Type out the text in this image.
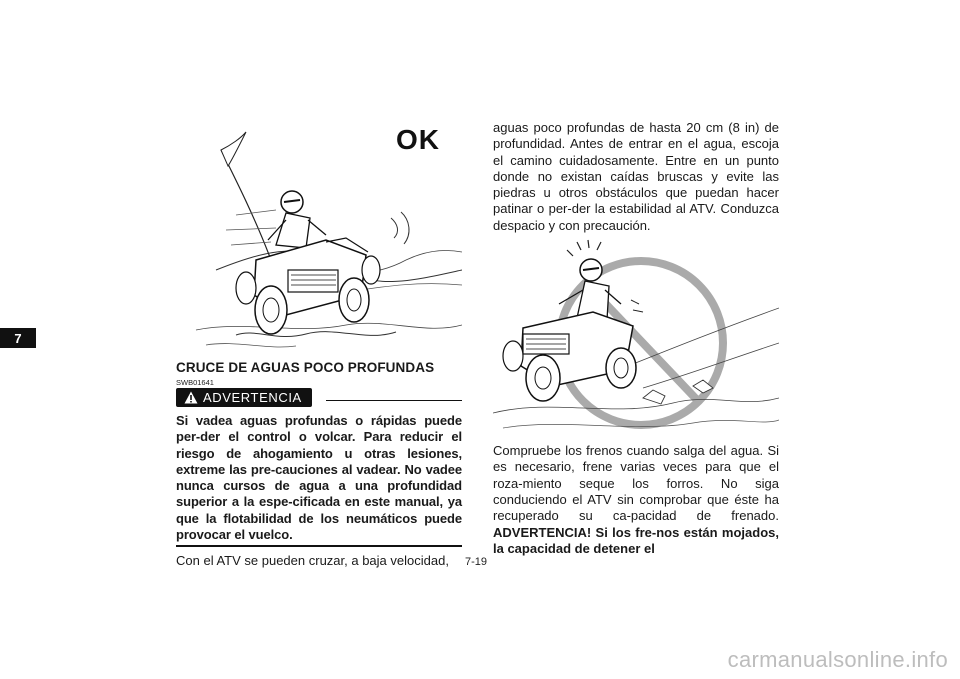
7
OK
CRUCE DE AGUAS POCO PROFUNDAS
SWB01641
ADVERTENCIA
Si vadea aguas profundas o rápidas puede per-der el control o volcar. Para reducir el riesgo de ahogamiento u otras lesiones, extreme las pre-cauciones al vadear. No vadee nunca cursos de agua a una profundidad superior a la espe-cificada en este manual, ya que la flotabilidad de los neumáticos puede provocar el vuelco.
Con el ATV se pueden cruzar, a baja velocidad,
aguas poco profundas de hasta 20 cm (8 in) de profundidad. Antes de entrar en el agua, escoja el camino cuidadosamente. Entre en un punto donde no existan caídas bruscas y evite las piedras u otros obstáculos que puedan hacer patinar o per-der la estabilidad al ATV. Conduzca despacio y con precaución.
Compruebe los frenos cuando salga del agua. Si es necesario, frene varias veces para que el roza-miento seque los forros. No siga conduciendo el ATV sin comprobar que éste ha recuperado su ca-pacidad de frenado. ADVERTENCIA! Si los fre-nos están mojados, la capacidad de detener el
7-19
carmanualsonline.info
